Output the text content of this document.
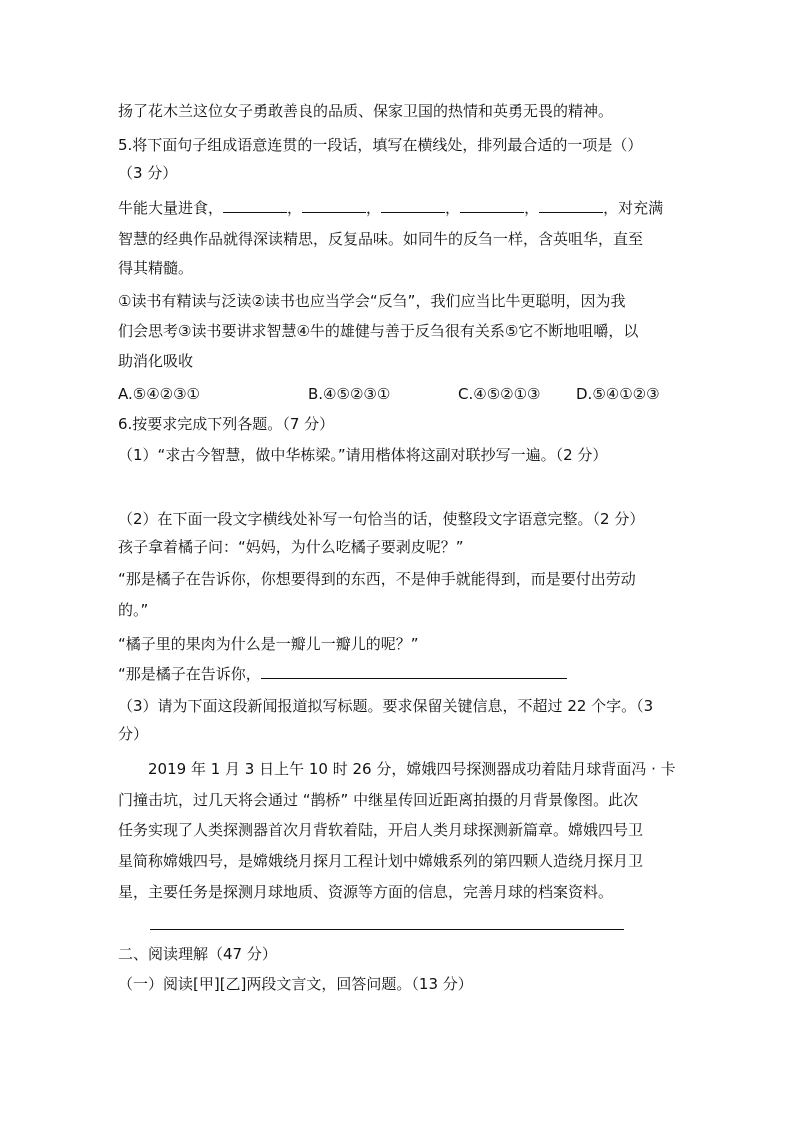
扬了花木兰这位女子勇敢善良的品质、保家卫国的热情和英勇无畏的精神。
5.将下面句子组成语意连贯的一段话，填写在横线处，排列最合适的一项是（）
（3 分）
牛能大量进食，	，	，	，	，	，对充满
智慧的经典作品就得深读精思，反复品味。如同牛的反刍一样，含英咀华，直至
得其精髓。
①读书有精读与泛读②读书也应当学会“反刍”，我们应当比牛更聪明，因为我
们会思考③读书要讲求智慧④牛的雄健与善于反刍很有关系⑤它不断地咀嚼，以
助消化吸收
A.⑤④②③①	B.④⑤②③①	C.④⑤②①③ D.⑤④①②③
6.按要求完成下列各题。（7 分）
（1）“求古今智慧，做中华栋梁。”请用楷体将这副对联抄写一遍。（2 分）
（2）在下面一段文字横线处补写一句恰当的话，使整段文字语意完整。（2 分）
孩子拿着橘子问：“妈妈，为什么吃橘子要剥皮呢？”
“那是橘子在告诉你，你想要得到的东西，不是伸手就能得到，而是要付出劳动
的。”
“橘子里的果肉为什么是一瓣儿一瓣儿的呢？”
“那是橘子在告诉你，
（3）请为下面这段新闻报道拟写标题。要求保留关键信息，不超过 22 个字。（3
分）
2019 年 1 月 3 日上午 10 时 26 分，嫦娥四号探测器成功着陆月球背面冯 · 卡
门撞击坑，过几天将会通过 “鹊桥” 中继星传回近距离拍摄的月背景像图。此次
任务实现了人类探测器首次月背软着陆，开启人类月球探测新篇章。嫦娥四号卫
星简称嫦娥四号，是嫦娥绕月探月工程计划中嫦娥系列的第四颗人造绕月探月卫
星，主要任务是探测月球地质、资源等方面的信息，完善月球的档案资料。
二、阅读理解（47 分）
（一）阅读[甲][乙]两段文言文，回答问题。（13 分）
